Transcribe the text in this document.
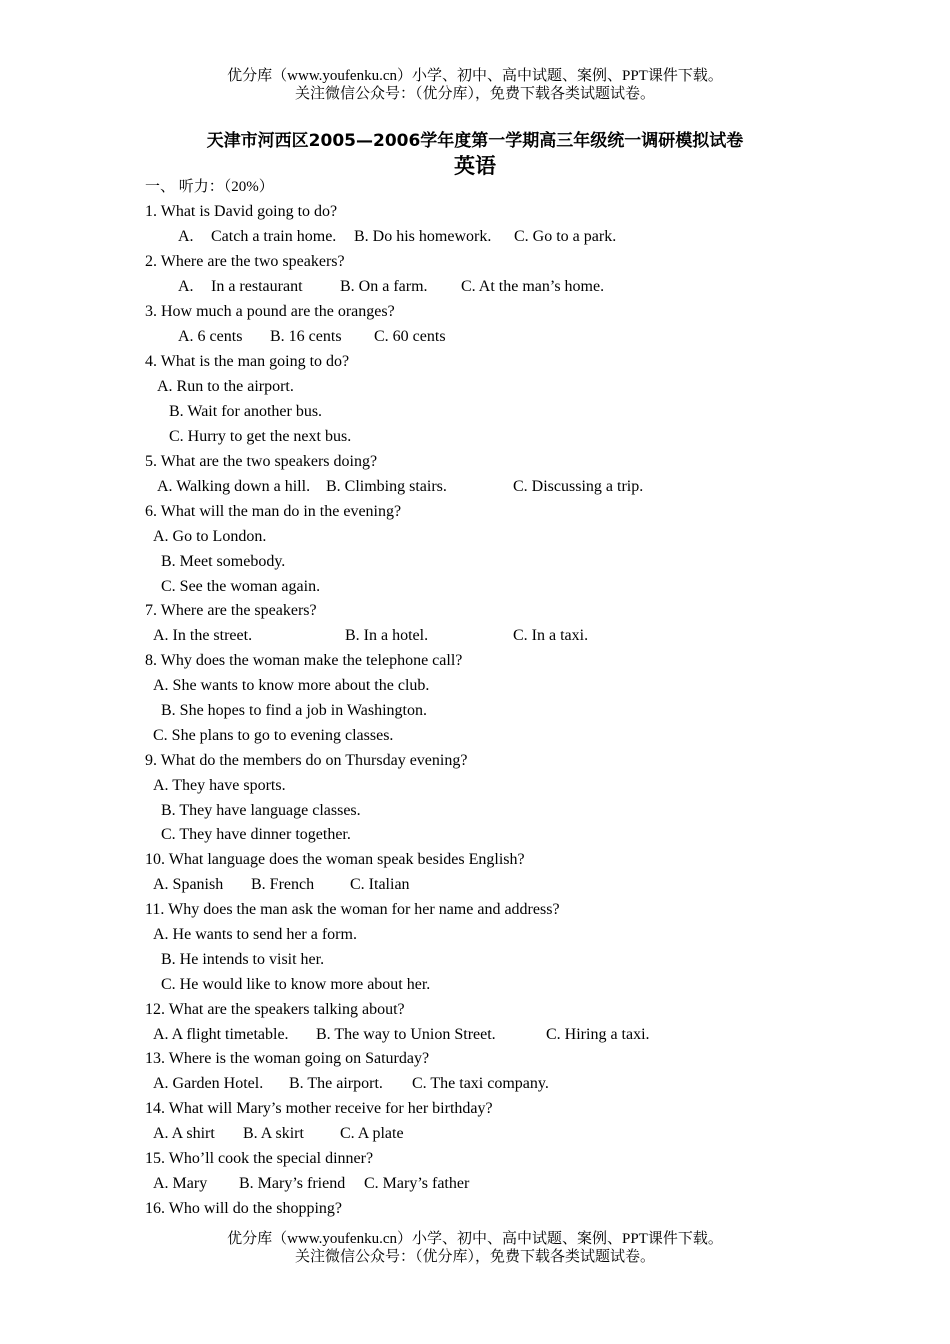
优分库（www.youfenku.cn）小学、初中、高中试题、案例、PPT课件下载。
关注微信公众号：（优分库），免费下载各类试题试卷。
天津市河西区2005—2006学年度第一学期高三年级统一调研模拟试卷
英语
一、 听力：（20%）
1. What is David going to do?
A. Catch a train home. B. Do his homework. C. Go to a park.
2. Where are the two speakers?
A. In a restaurant B. On a farm. C. At the man’s home.
3. How much a pound are the oranges?
A. 6 cents B. 16 cents C. 60 cents
4. What is the man going to do?
A. Run to the airport.
B. Wait for another bus.
C. Hurry to get the next bus.
5. What are the two speakers doing?
A. Walking down a hill. B. Climbing stairs.	C. Discussing a trip.
6. What will the man do in the evening?
A. Go to London.
B. Meet somebody.
C. See the woman again.
7. Where are the speakers?
A. In the street.	B. In a hotel.	C. In a taxi.
8. Why does the woman make the telephone call?
A. She wants to know more about the club.
B. She hopes to find a job in Washington.
C. She plans to go to evening classes.
9. What do the members do on Thursday evening?
A. They have sports.
B. They have language classes.
C. They have dinner together.
10. What language does the woman speak besides English?
A. Spanish B. French C. Italian
11. Why does the man ask the woman for her name and address?
A. He wants to send her a form.
B. He intends to visit her.
C. He would like to know more about her.
12. What are the speakers talking about?
A. A flight timetable. B. The way to Union Street.	C. Hiring a taxi.
13. Where is the woman going on Saturday?
A. Garden Hotel. B. The airport. C. The taxi company.
14. What will Mary’s mother receive for her birthday?
A. A shirt B. A skirt C. A plate
15. Who’ll cook the special dinner?
A. Mary B. Mary’s friend C. Mary’s father
16. Who will do the shopping?
优分库（www.youfenku.cn）小学、初中、高中试题、案例、PPT课件下载。
关注微信公众号：（优分库），免费下载各类试题试卷。
